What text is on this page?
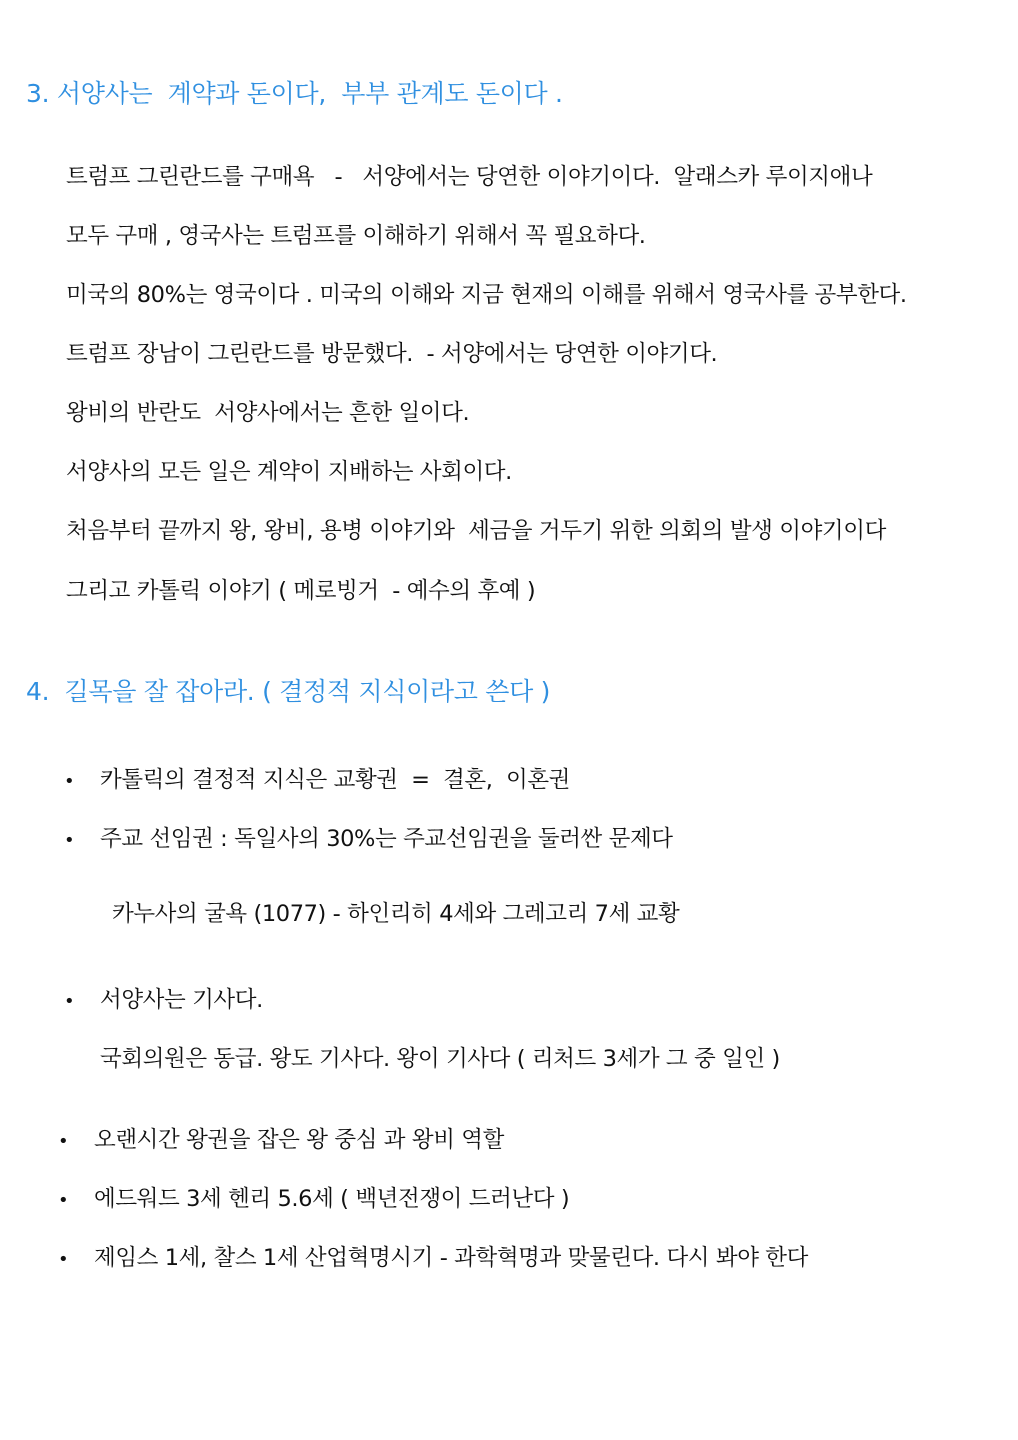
3. 서양사는  계약과 돈이다,  부부 관계도 돈이다 .
트럼프 그린란드를 구매욕   -   서양에서는 당연한 이야기이다.  알래스카 루이지애나
모두 구매 , 영국사는 트럼프를 이해하기 위해서 꼭 필요하다.
미국의 80%는 영국이다 . 미국의 이해와 지금 현재의 이해를 위해서 영국사를 공부한다.
트럼프 장남이 그린란드를 방문했다.  - 서양에서는 당연한 이야기다.
왕비의 반란도  서양사에서는 흔한 일이다.
서양사의 모든 일은 계약이 지배하는 사회이다.
처음부터 끝까지 왕, 왕비, 용병 이야기와  세금을 거두기 위한 의회의 발생 이야기이다
그리고 카톨릭 이야기 ( 메로빙거  - 예수의 후예 )
4.  길목을 잘 잡아라. ( 결정적 지식이라고 쓴다 )
• 카톨릭의 결정적 지식은 교황권  =  결혼,  이혼권
• 주교 선임권 : 독일사의 30%는 주교선임권을 둘러싼 문제다
카누사의 굴욕 (1077) - 하인리히 4세와 그레고리 7세 교황
• 서양사는 기사다.
국회의원은 동급. 왕도 기사다. 왕이 기사다 ( 리처드 3세가 그 중 일인 )
• 오랜시간 왕권을 잡은 왕 중심 과 왕비 역할
• 에드워드 3세 헨리 5.6세 ( 백년전쟁이 드러난다 )
• 제임스 1세, 찰스 1세 산업혁명시기 - 과학혁명과 맞물린다. 다시 봐야 한다
